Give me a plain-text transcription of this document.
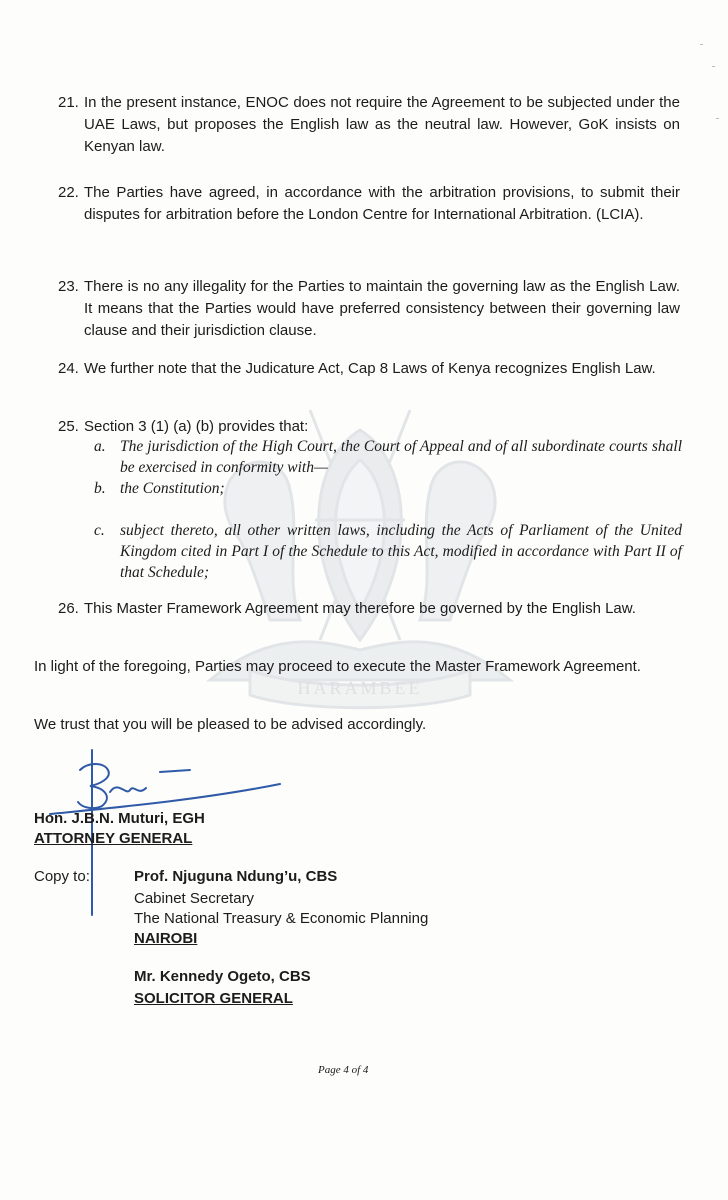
HARAMBEE
21. In the present instance, ENOC does not require the Agreement to be subjected under the UAE Laws, but proposes the English law as the neutral law. However, GoK insists on Kenyan law.
22. The Parties have agreed, in accordance with the arbitration provisions, to submit their disputes for arbitration before the London Centre for International Arbitration. (LCIA).
23. There is no any illegality for the Parties to maintain the governing law as the English Law. It means that the Parties would have preferred consistency between their governing law clause and their jurisdiction clause.
24. We further note that the Judicature Act, Cap 8 Laws of Kenya recognizes English Law.
25. Section 3 (1) (a) (b) provides that:
a. The jurisdiction of the High Court, the Court of Appeal and of all subordinate courts shall be exercised in conformity with—
b. the Constitution;
c. subject thereto, all other written laws, including the Acts of Parliament of the United Kingdom cited in Part I of the Schedule to this Act, modified in accordance with Part II of that Schedule;
26. This Master Framework Agreement may therefore be governed by the English Law.
In light of the foregoing, Parties may proceed to execute the Master Framework Agreement.
We trust that you will be pleased to be advised accordingly.
Hon. J.B.N. Muturi, EGH
ATTORNEY GENERAL
Copy to:	Prof. Njuguna Ndung’u, CBS
Cabinet Secretary
The National Treasury & Economic Planning
NAIROBI
Mr. Kennedy Ogeto, CBS
SOLICITOR GENERAL
Page 4 of 4
